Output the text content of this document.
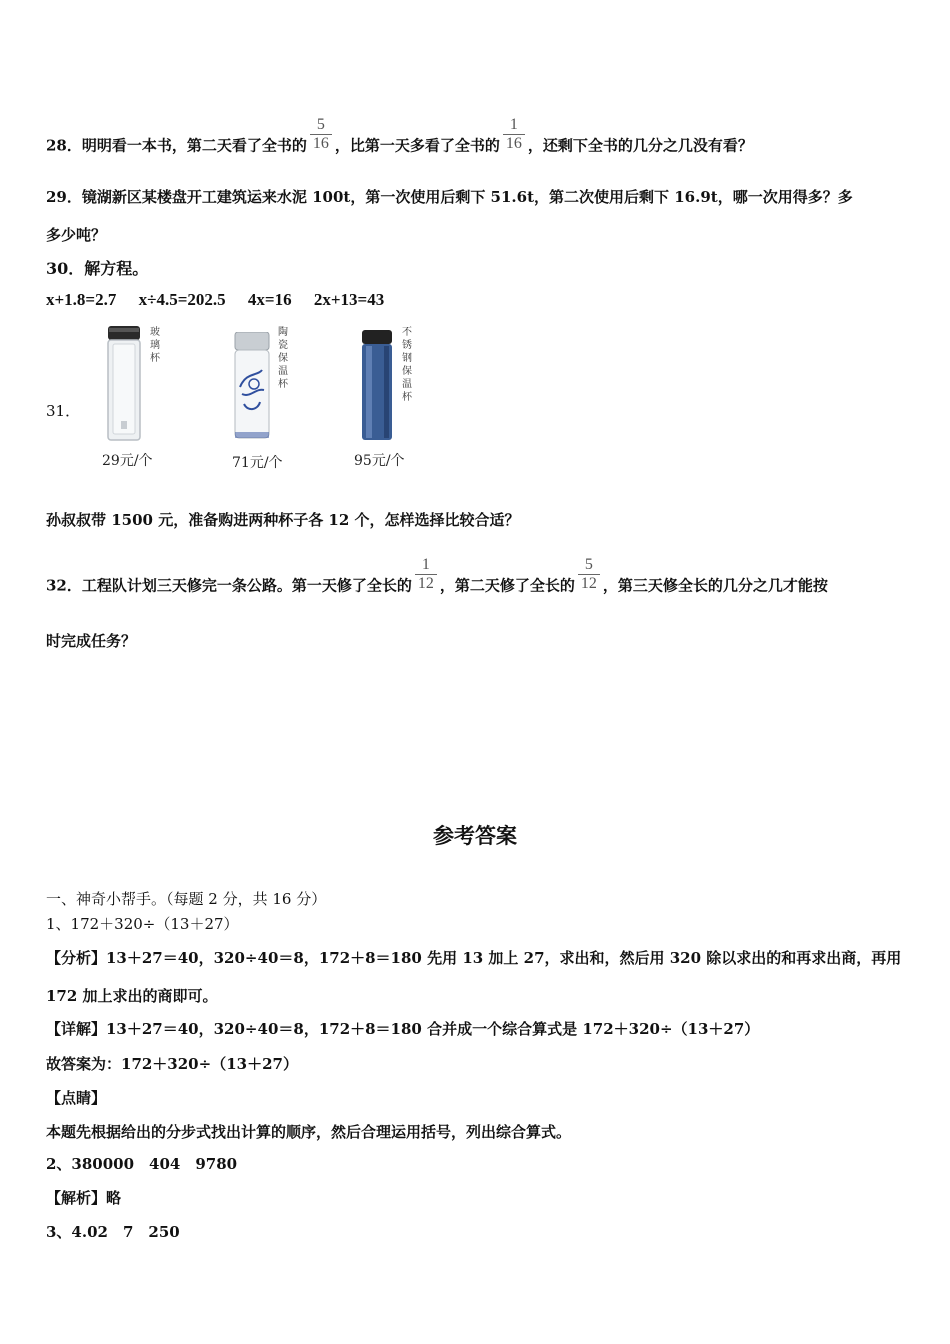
28．明明看一本书，第二天看了全书的 $\frac{5}{16}$ ，比第一天多看了全书的 $\frac{1}{16}$ ，还剩下全书的几分之几没有看？
29．镜湖新区某楼盘开工建筑运来水泥 100t，第一次使用后剩下 51.6t，第二次使用后剩下 16.9t，哪一次用得多？多
多少吨？
30．解方程。
x+1.8=2.7 x÷4.5=202.5 4x=16 2x+13=43
31．
玻璃杯
29元/个
陶瓷保温杯
71元/个
不锈钢保温杯
95元/个
孙叔叔带 1500 元，准备购进两种杯子各 12 个，怎样选择比较合适？
32．工程队计划三天修完一条公路。第一天修了全长的 $\frac{1}{12}$ ，第二天修了全长的 $\frac{5}{12}$ ，第三天修全长的几分之几才能按
时完成任务？
参考答案
一、神奇小帮手。（每题 2 分，共 16 分）
1、172＋320÷（13＋27）
【分析】13＋27＝40，320÷40＝8，172＋8＝180 先用 13 加上 27，求出和，然后用 320 除以求出的和再求出商，再用
172 加上求出的商即可。
【详解】13＋27＝40，320÷40＝8，172＋8＝180 合并成一个综合算式是 172＋320÷（13＋27）
故答案为：172＋320÷（13＋27）
【点睛】
本题先根据给出的分步式找出计算的顺序，然后合理运用括号，列出综合算式。
2、380000　404　9780
【解析】略
3、4.02　7　250
